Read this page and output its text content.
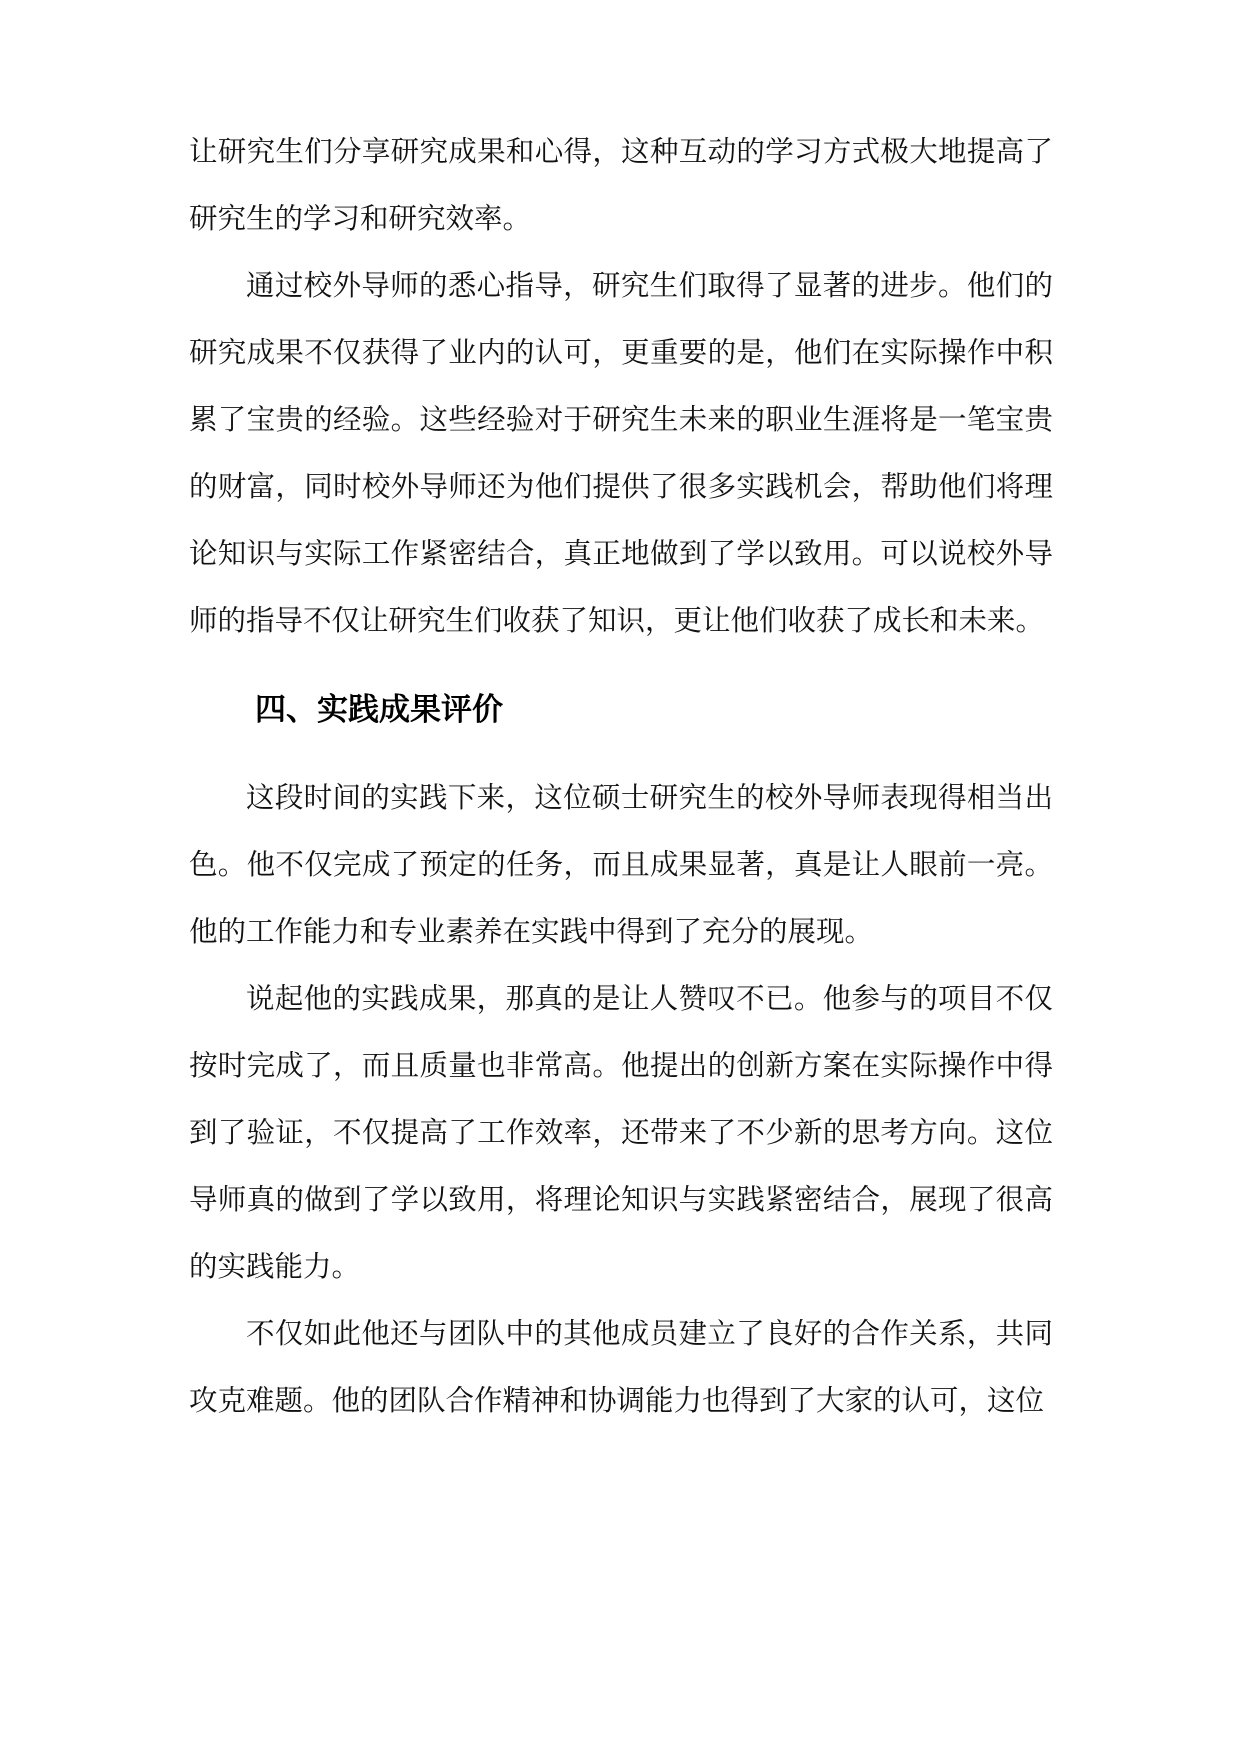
让研究生们分享研究成果和心得，这种互动的学习方式极大地提高了研究生的学习和研究效率。

通过校外导师的悉心指导，研究生们取得了显著的进步。他们的研究成果不仅获得了业内的认可，更重要的是，他们在实际操作中积累了宝贵的经验。这些经验对于研究生未来的职业生涯将是一笔宝贵的财富，同时校外导师还为他们提供了很多实践机会，帮助他们将理论知识与实际工作紧密结合，真正地做到了学以致用。可以说校外导师的指导不仅让研究生们收获了知识，更让他们收获了成长和未来。

四、实践成果评价

这段时间的实践下来，这位硕士研究生的校外导师表现得相当出色。他不仅完成了预定的任务，而且成果显著，真是让人眼前一亮。他的工作能力和专业素养在实践中得到了充分的展现。

说起他的实践成果，那真的是让人赞叹不已。他参与的项目不仅按时完成了，而且质量也非常高。他提出的创新方案在实际操作中得到了验证，不仅提高了工作效率，还带来了不少新的思考方向。这位导师真的做到了学以致用，将理论知识与实践紧密结合，展现了很高的实践能力。

不仅如此他还与团队中的其他成员建立了良好的合作关系，共同攻克难题。他的团队合作精神和协调能力也得到了大家的认可，这位
